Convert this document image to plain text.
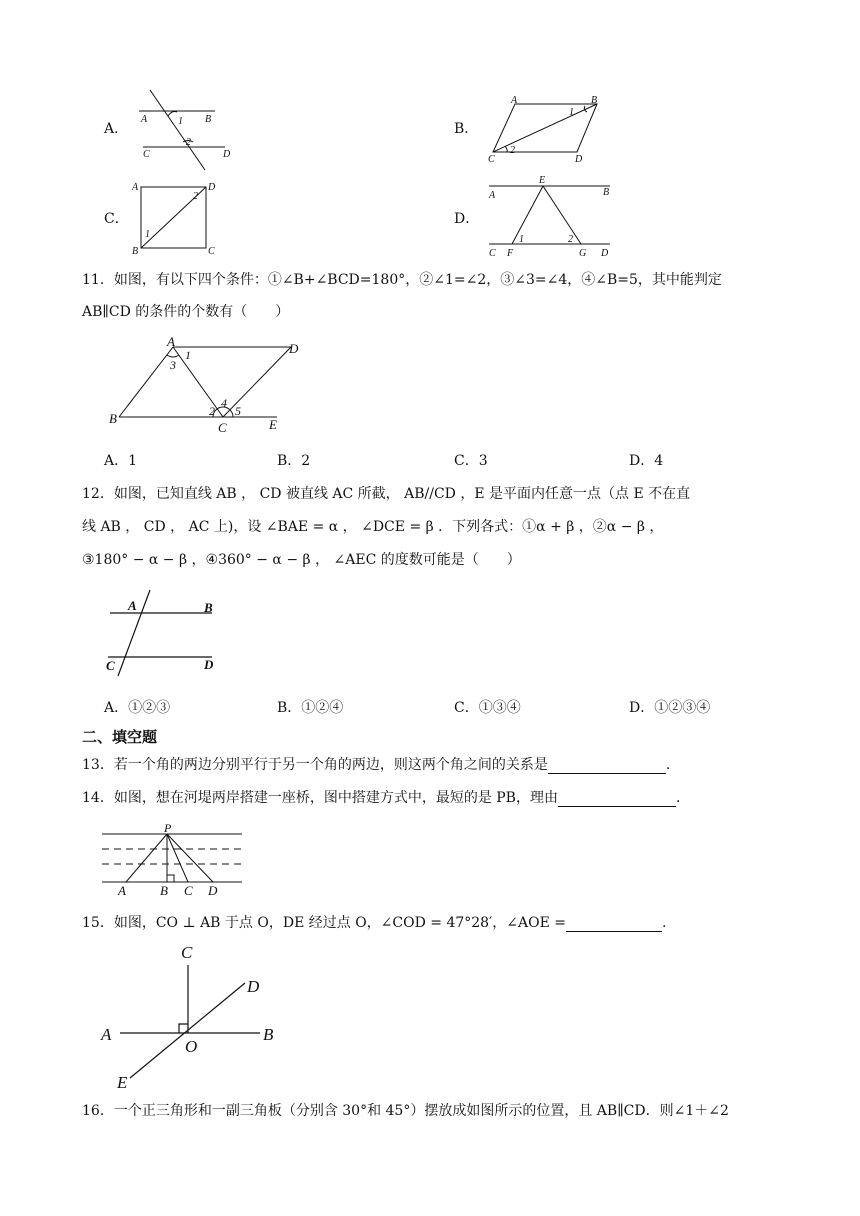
A．
A	B
C	D
1
2
B．
A	B
C	D
1
2
C．
A	D
B	C
1
2
D．
E
A	B
C F	G D
1	2
11．如图，有以下四个条件：①∠B+∠BCD=180°，②∠1=∠2，③∠3=∠4，④∠B=5，其中能判定
AB∥CD 的条件的个数有（　　）
A
1
3
D
B	2
4
5
C	E
A．1	B．2	C．3	D．4
12．如图，已知直线 AB ， CD 被直线 AC 所截， AB//CD ，E 是平面内任意一点（点 E 不在直
线 AB ， CD ， AC 上)，设 ∠BAE = α ， ∠DCE = β ．下列各式：①α + β ，②α − β ，
③180° − α − β ，④360° − α − β ， ∠AEC 的度数可能是（　　）
A	B
C	D
A．①②③	B．①②④	C．①③④	D．①②③④
二、填空题
13．若一个角的两边分别平行于另一个角的两边，则这两个角之间的关系是	.
14．如图，想在河堤两岸搭建一座桥，图中搭建方式中，最短的是 PB，理由	.
P
A	B C D
15．如图，CO ⊥ AB 于点 O，DE 经过点 O，∠COD = 47°28′，∠AOE =	.
C
D
A	B
O
E
16．一个正三角形和一副三角板（分别含 30°和 45°）摆放成如图所示的位置，且 AB∥CD．则∠1＋∠2
